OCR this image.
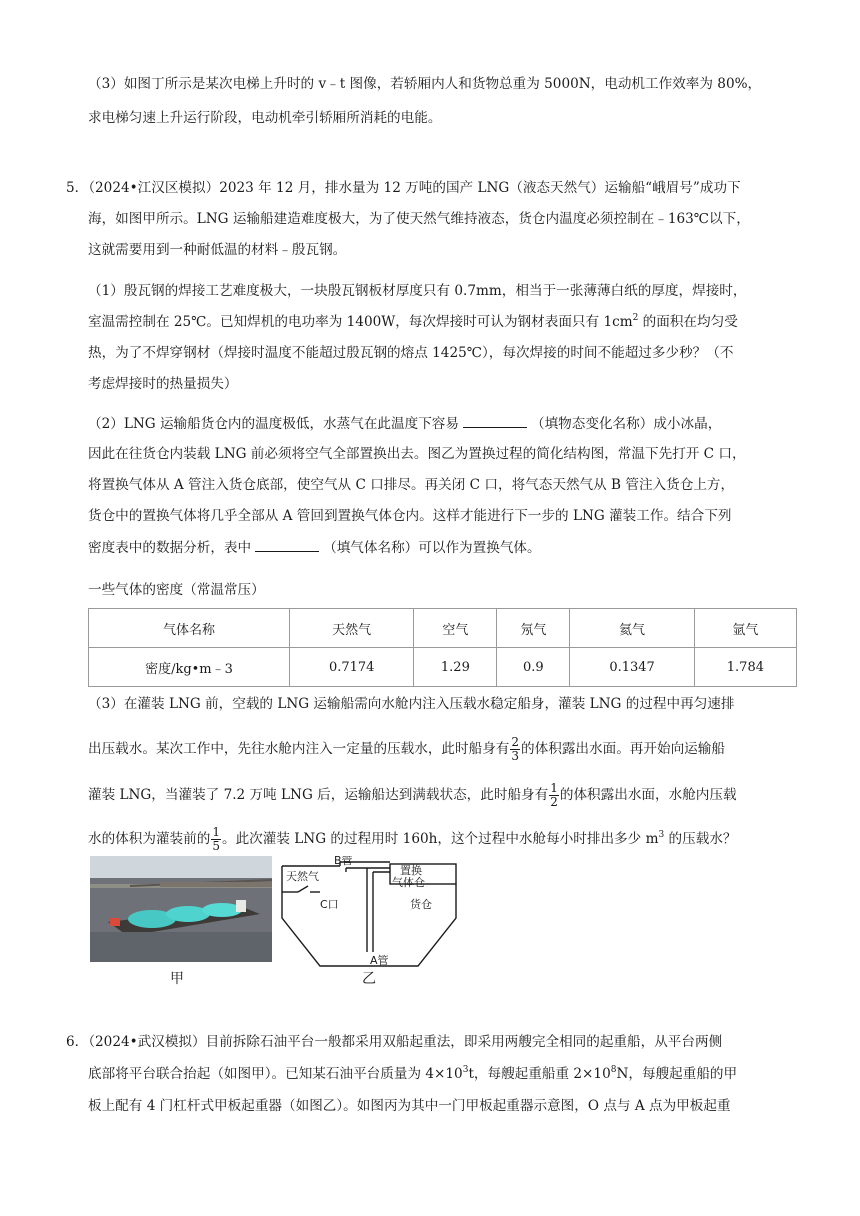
（3）如图丁所示是某次电梯上升时的 v﹣t 图像，若轿厢内人和货物总重为 5000N，电动机工作效率为 80%，
求电梯匀速上升运行阶段，电动机牵引轿厢所消耗的电能。
5．（2024•江汉区模拟）2023 年 12 月，排水量为 12 万吨的国产 LNG（液态天然气）运输船“峨眉号”成功下
海，如图甲所示。LNG 运输船建造难度极大，为了使天然气维持液态，货仓内温度必须控制在﹣163℃以下，
这就需要用到一种耐低温的材料﹣殷瓦钢。
（1）殷瓦钢的焊接工艺难度极大，一块殷瓦钢板材厚度只有 0.7mm，相当于一张薄薄白纸的厚度，焊接时，
室温需控制在 25℃。已知焊机的电功率为 1400W，每次焊接时可认为钢材表面只有 $1cm^2$ 的面积在均匀受
热，为了不焊穿钢材（焊接时温度不能超过殷瓦钢的熔点 1425℃），每次焊接的时间不能超过多少秒？（不
考虑焊接时的热量损失）
（2）LNG 运输船货仓内的温度极低，水蒸气在此温度下容易	（填物态变化名称）成小冰晶，
因此在往货仓内装载 LNG 前必须将空气全部置换出去。图乙为置换过程的简化结构图，常温下先打开 C 口，
将置换气体从 A 管注入货仓底部，使空气从 C 口排尽。再关闭 C 口，将气态天然气从 B 管注入货仓上方，
货仓中的置换气体将几乎全部从 A 管回到置换气体仓内。这样才能进行下一步的 LNG 灌装工作。结合下列
密度表中的数据分析，表中	（填气体名称）可以作为置换气体。
一些气体的密度（常温常压）
气体名称	天然气	空气	氖气	氦气	氩气
密度/kg•m﹣3	0.7174	1.29	0.9	0.1347	1.784
（3）在灌装 LNG 前，空载的 LNG 运输船需向水舱内注入压载水稳定船身，灌装 LNG 的过程中再匀速排
出压载水。某次工作中，先往水舱内注入一定量的压载水，此时船身有 $\frac{2}{3}$ 的体积露出水面。再开始向运输船
灌装 LNG，当灌装了 7.2 万吨 LNG 后，运输船达到满载状态，此时船身有 $\frac{1}{2}$ 的体积露出水面，水舱内压载
水的体积为灌装前的 $\frac{1}{5}$ 。此次灌装 LNG 的过程用时 160h，这个过程中水舱每小时排出多少 $m^3$ 的压载水？
甲
B管
天然气
C口
置换
气体仓
货仓
A管
乙
6．（2024•武汉模拟）目前拆除石油平台一般都采用双船起重法，即采用两艘完全相同的起重船，从平台两侧
底部将平台联合抬起（如图甲）。已知某石油平台质量为 $4\times 10^3t$，每艘起重船重 $2\times 10^8N$，每艘起重船的甲
板上配有 4 门杠杆式甲板起重器（如图乙）。如图丙为其中一门甲板起重器示意图，O 点与 A 点为甲板起重
